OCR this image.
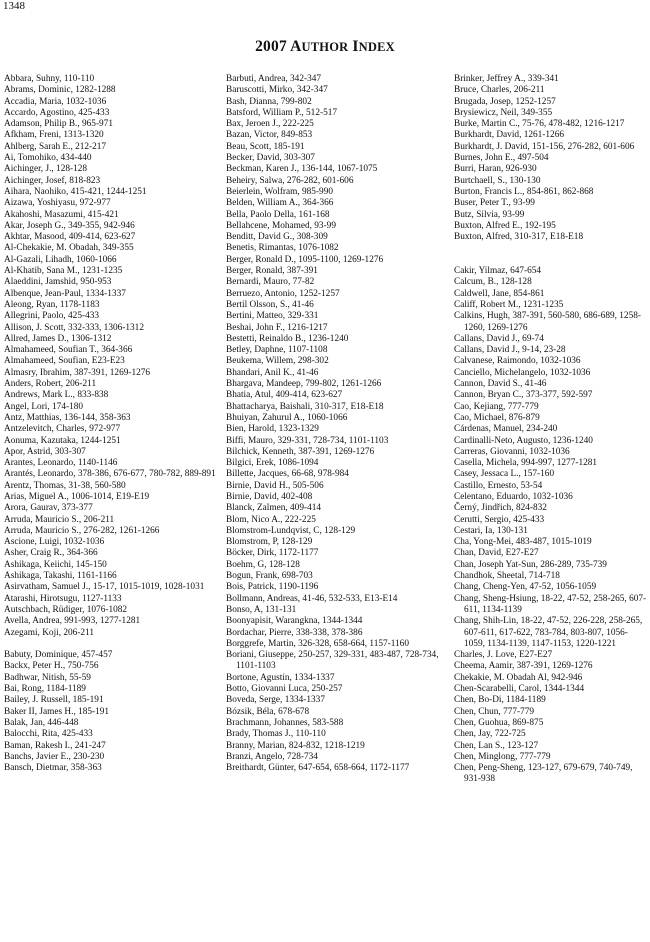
1348
2007 AUTHOR INDEX
Abbara, Suhny, 110-110
Abrams, Dominic, 1282-1288
Accadia, Maria, 1032-1036
Accardo, Agostino, 425-433
Adamson, Philip B., 965-971
Afkham, Freni, 1313-1320
Ahlberg, Sarah E., 212-217
Ai, Tomohiko, 434-440
Aichinger, J., 128-128
Aichinger, Josef, 818-823
Aihara, Naohiko, 415-421, 1244-1251
Aizawa, Yoshiyasu, 972-977
Akahoshi, Masazumi, 415-421
Akar, Joseph G., 349-355, 942-946
Akhtar, Masood, 409-414, 623-627
Al-Chekakie, M. Obadah, 349-355
Al-Gazali, Lihadh, 1060-1066
Al-Khatib, Sana M., 1231-1235
Alaeddini, Jamshid, 950-953
Albenque, Jean-Paul, 1334-1337
Aleong, Ryan, 1178-1183
Allegrini, Paolo, 425-433
Allison, J. Scott, 332-333, 1306-1312
Allred, James D., 1306-1312
Almahameed, Soufian T., 364-366
Almahameed, Soufian, E23-E23
Almasry, Ibrahim, 387-391, 1269-1276
Anders, Robert, 206-211
Andrews, Mark L., 833-838
Angel, Lori, 174-180
Antz, Matthias, 136-144, 358-363
Antzelevitch, Charles, 972-977
Aonuma, Kazutaka, 1244-1251
Apor, Astrid, 303-307
Arantes, Leonardo, 1140-1146
Arantés, Leonardo, 378-386, 676-677, 780-782, 889-891
Arentz, Thomas, 31-38, 560-580
Arias, Miguel A., 1006-1014, E19-E19
Arora, Gaurav, 373-377
Arruda, Mauricio S., 206-211
Arruda, Mauricio S., 276-282, 1261-1266
Ascione, Luigi, 1032-1036
Asher, Craig R., 364-366
Ashikaga, Keiichi, 145-150
Ashikaga, Takashi, 1161-1166
Asirvatham, Samuel J., 15-17, 1015-1019, 1028-1031
Atarashi, Hirotsugu, 1127-1133
Autschbach, Rüdiger, 1076-1082
Avella, Andrea, 991-993, 1277-1281
Azegami, Koji, 206-211
Babuty, Dominique, 457-457
Backx, Peter H., 750-756
Badhwar, Nitish, 55-59
Bai, Rong, 1184-1189
Bailey, J. Russell, 185-191
Baker II, James H., 185-191
Balak, Jan, 446-448
Balocchi, Rita, 425-433
Baman, Rakesh I., 241-247
Banchs, Javier E., 230-230
Bansch, Dietmar, 358-363
Barbuti, Andrea, 342-347
Baruscotti, Mirko, 342-347
Bash, Dianna, 799-802
Batsford, William P., 512-517
Bax, Jeroen J., 222-225
Bazan, Victor, 849-853
Beau, Scott, 185-191
Becker, David, 303-307
Beckman, Karen J., 136-144, 1067-1075
Beheiry, Salwa, 276-282, 601-606
Beierlein, Wolfram, 985-990
Belden, William A., 364-366
Bella, Paolo Della, 161-168
Bellahcene, Mohamed, 93-99
Benditt, David G., 308-309
Benetis, Rimantas, 1076-1082
Berger, Ronald D., 1095-1100, 1269-1276
Berger, Ronald, 387-391
Bernardi, Mauro, 77-82
Berruezo, Antonio, 1252-1257
Bertil Olsson, S., 41-46
Bertini, Matteo, 329-331
Beshai, John F., 1216-1217
Bestetti, Reinaldo B., 1236-1240
Betley, Daphne, 1107-1108
Beukema, Willem, 298-302
Bhandari, Anil K., 41-46
Bhargava, Mandeep, 799-802, 1261-1266
Bhatia, Atul, 409-414, 623-627
Bhattacharya, Baishali, 310-317, E18-E18
Bhuiyan, Zahurul A., 1060-1066
Bien, Harold, 1323-1329
Biffi, Mauro, 329-331, 728-734, 1101-1103
Bilchick, Kenneth, 387-391, 1269-1276
Bilgici, Erek, 1086-1094
Billette, Jacques, 66-68, 978-984
Birnie, David H., 505-506
Birnie, David, 402-408
Blanck, Zalmen, 409-414
Blom, Nico A., 222-225
Blomstrom-Lundqvist, C, 128-129
Blomstrom, P, 128-129
Böcker, Dirk, 1172-1177
Boehm, G, 128-128
Bogun, Frank, 698-703
Bois, Patrick, 1190-1196
Bollmann, Andreas, 41-46, 532-533, E13-E14
Bonso, A, 131-131
Boonyapisit, Warangkna, 1344-1344
Bordachar, Pierre, 338-338, 378-386
Borggrefe, Martin, 326-328, 658-664, 1157-1160
Boriani, Giuseppe, 250-257, 329-331, 483-487, 728-734, 1101-1103
Bortone, Agustín, 1334-1337
Botto, Giovanni Luca, 250-257
Boveda, Serge, 1334-1337
Bózsik, Béla, 678-678
Brachmann, Johannes, 583-588
Brady, Thomas J., 110-110
Branny, Marian, 824-832, 1218-1219
Branzi, Angelo, 728-734
Breithardt, Günter, 647-654, 658-664, 1172-1177
Brinker, Jeffrey A., 339-341
Bruce, Charles, 206-211
Brugada, Josep, 1252-1257
Brysiewicz, Neil, 349-355
Burke, Martin C., 75-76, 478-482, 1216-1217
Burkhardt, David, 1261-1266
Burkhardt, J. David, 151-156, 276-282, 601-606
Burnes, John E., 497-504
Burri, Haran, 926-930
Burtchaell, S., 130-130
Burton, Francis L., 854-861, 862-868
Buser, Peter T., 93-99
Butz, Silvia, 93-99
Buxton, Alfred E., 192-195
Buxton, Alfred, 310-317, E18-E18
Cakir, Yilmaz, 647-654
Calcum, B., 128-128
Caldwell, Jane, 854-861
Califf, Robert M., 1231-1235
Calkins, Hugh, 387-391, 560-580, 686-689, 1258-1260, 1269-1276
Callans, David J., 69-74
Callans, David J., 9-14, 23-28
Calvanese, Raimondo, 1032-1036
Canciello, Michelangelo, 1032-1036
Cannon, David S., 41-46
Cannon, Bryan C., 373-377, 592-597
Cao, Kejiang, 777-779
Cao, Michael, 876-879
Cárdenas, Manuel, 234-240
Cardinalli-Neto, Augusto, 1236-1240
Carreras, Giovanni, 1032-1036
Casella, Michela, 994-997, 1277-1281
Casey, Jessaca L., 157-160
Castillo, Ernesto, 53-54
Celentano, Eduardo, 1032-1036
Černý, Jindřich, 824-832
Cerutti, Sergio, 425-433
Cestari, Ia, 130-131
Cha, Yong-Mei, 483-487, 1015-1019
Chan, David, E27-E27
Chan, Joseph Yat-Sun, 286-289, 735-739
Chandhok, Sheetal, 714-718
Chang, Cheng-Yen, 47-52, 1056-1059
Chang, Sheng-Hsiung, 18-22, 47-52, 258-265, 607-611, 1134-1139
Chang, Shih-Lin, 18-22, 47-52, 226-228, 258-265, 607-611, 617-622, 783-784, 803-807, 1056-1059, 1134-1139, 1147-1153, 1220-1221
Charles, J. Love, E27-E27
Cheema, Aamir, 387-391, 1269-1276
Chekakie, M. Obadah Al, 942-946
Chen-Scarabelli, Carol, 1344-1344
Chen, Bo-Di, 1184-1189
Chen, Chun, 777-779
Chen, Guohua, 869-875
Chen, Jay, 722-725
Chen, Lan S., 123-127
Chen, Minglong, 777-779
Chen, Peng-Sheng, 123-127, 679-679, 740-749, 931-938
